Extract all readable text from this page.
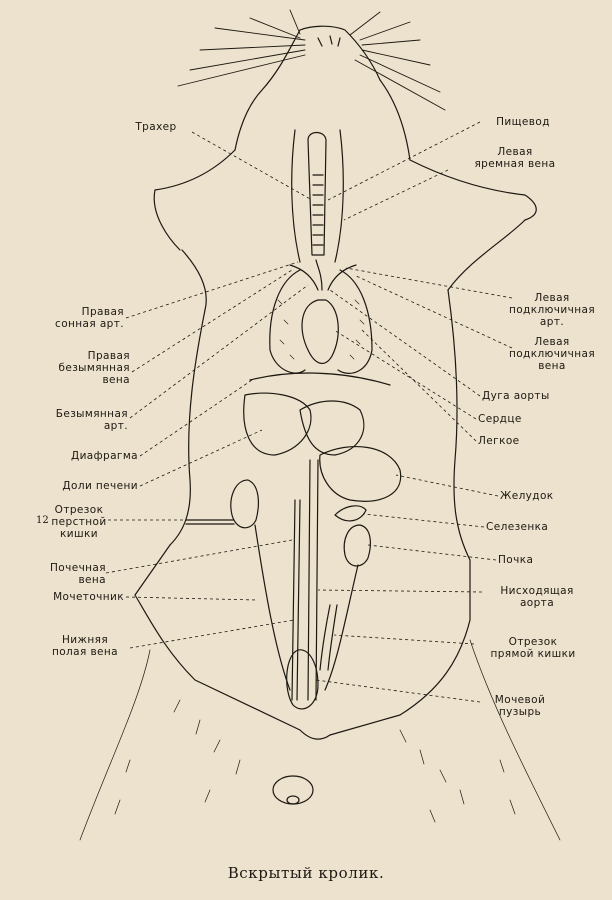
Трахер
Правая
сонная арт.
Правая
безымянная
вена
Безымянная
арт.
Диафрагма
Доли печени
12
Отрезок
перстной
кишки
Почечная
вена
Мочеточник
Нижняя
полая вена
Пищевод
Левая
яремная вена
Левая
подключичная
арт.
Левая
подключичная
вена
Дуга аорты
Сердце
Легкое
Желудок
Селезенка
Почка
Нисходящая
аорта
Отрезок
прямой кишки
Мочевой
пузырь
Вскрытый кролик.
